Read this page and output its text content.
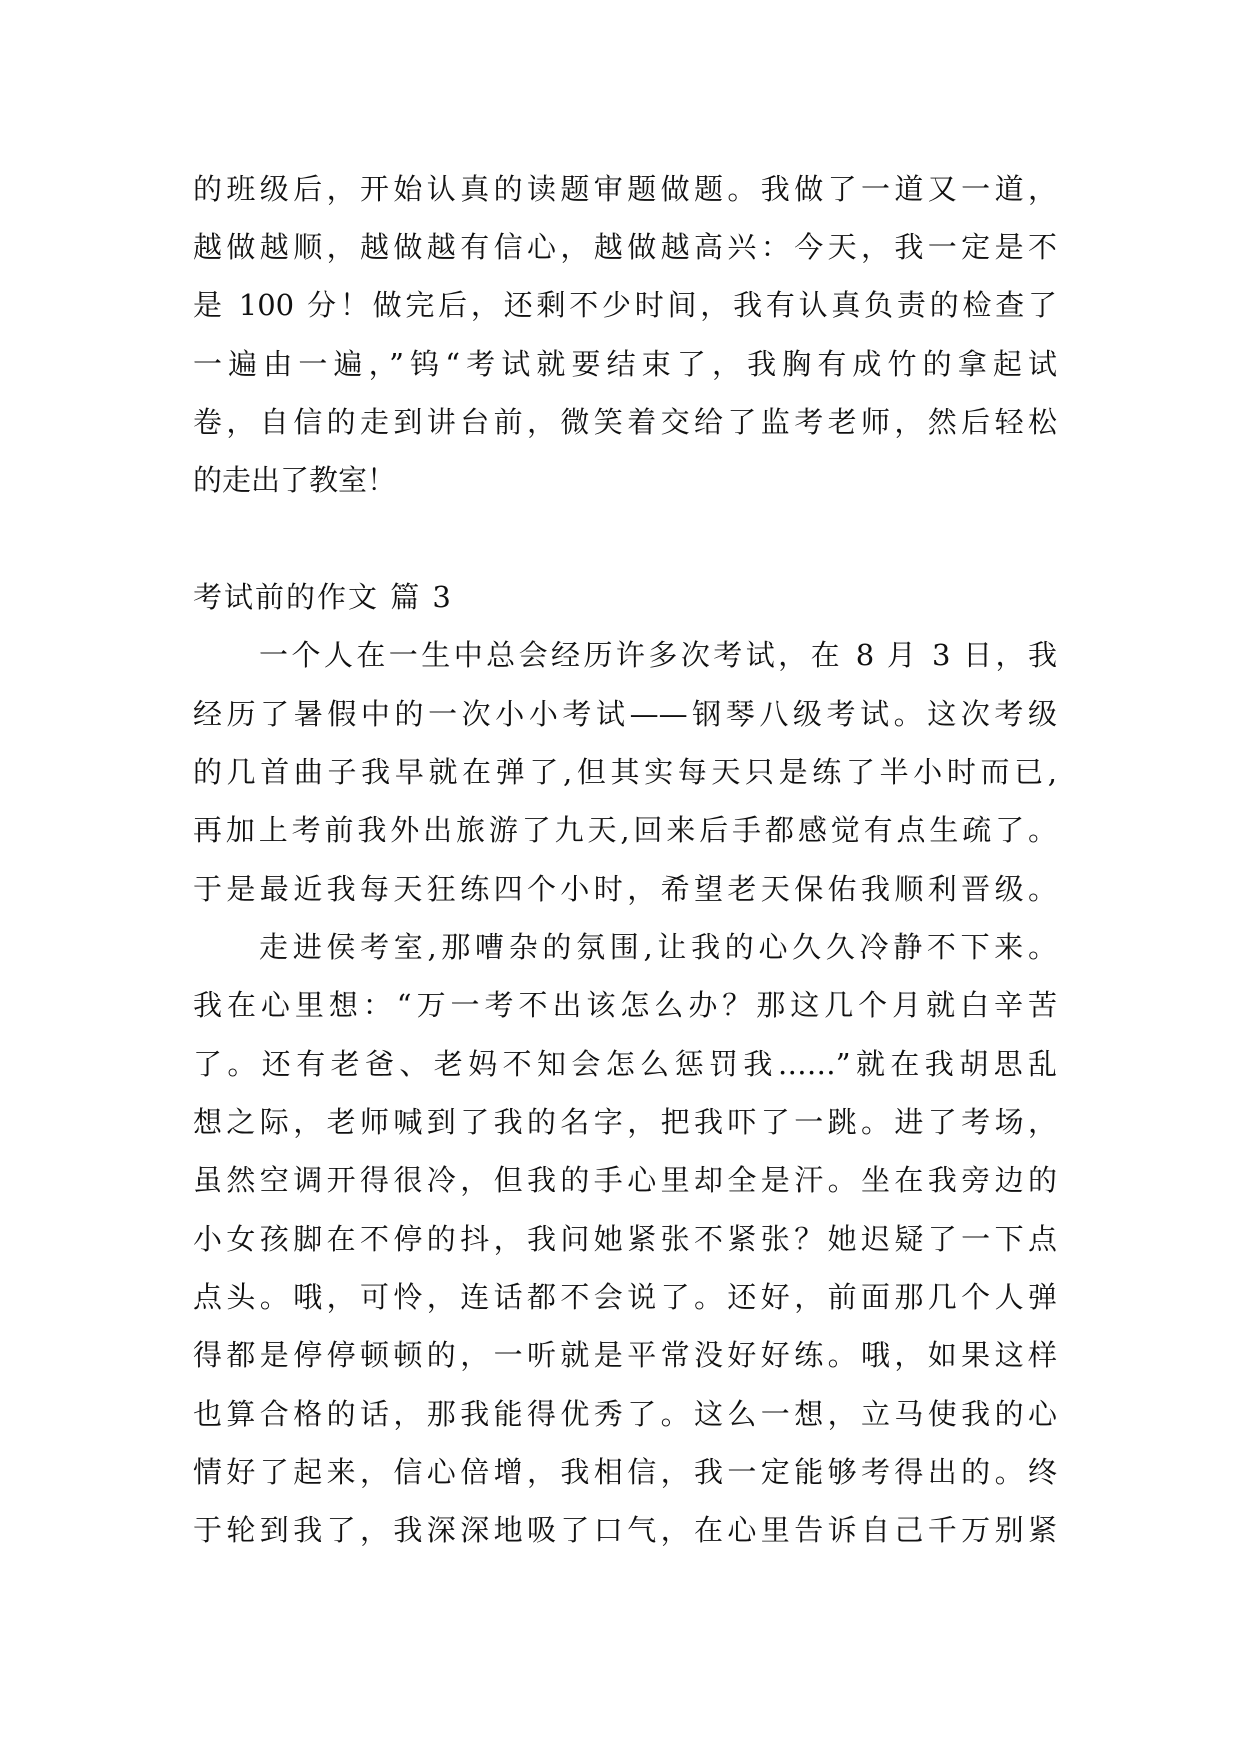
的班级后，开始认真的读题审题做题。我做了一道又一道，
越做越顺，越做越有信心，越做越高兴：今天，我一定是不
是 100 分！做完后，还剩不少时间，我有认真负责的检查了
一遍由一遍，”钨“考试就要结束了，我胸有成竹的拿起试
卷，自信的走到讲台前，微笑着交给了监考老师，然后轻松
的走出了教室！
考试前的作文 篇 3
一个人在一生中总会经历许多次考试，在 8 月 3 日，我
经历了暑假中的一次小小考试——钢琴八级考试。这次考级
的几首曲子我早就在弹了,但其实每天只是练了半小时而已,
再加上考前我外出旅游了九天,回来后手都感觉有点生疏了。
于是最近我每天狂练四个小时，希望老天保佑我顺利晋级。
走进侯考室,那嘈杂的氛围,让我的心久久冷静不下来。
我在心里想：“万一考不出该怎么办？那这几个月就白辛苦
了。还有老爸、老妈不知会怎么惩罚我……”就在我胡思乱
想之际，老师喊到了我的名字，把我吓了一跳。进了考场，
虽然空调开得很冷，但我的手心里却全是汗。坐在我旁边的
小女孩脚在不停的抖，我问她紧张不紧张？她迟疑了一下点
点头。哦，可怜，连话都不会说了。还好，前面那几个人弹
得都是停停顿顿的，一听就是平常没好好练。哦，如果这样
也算合格的话，那我能得优秀了。这么一想，立马使我的心
情好了起来，信心倍增，我相信，我一定能够考得出的。终
于轮到我了，我深深地吸了口气，在心里告诉自己千万别紧
